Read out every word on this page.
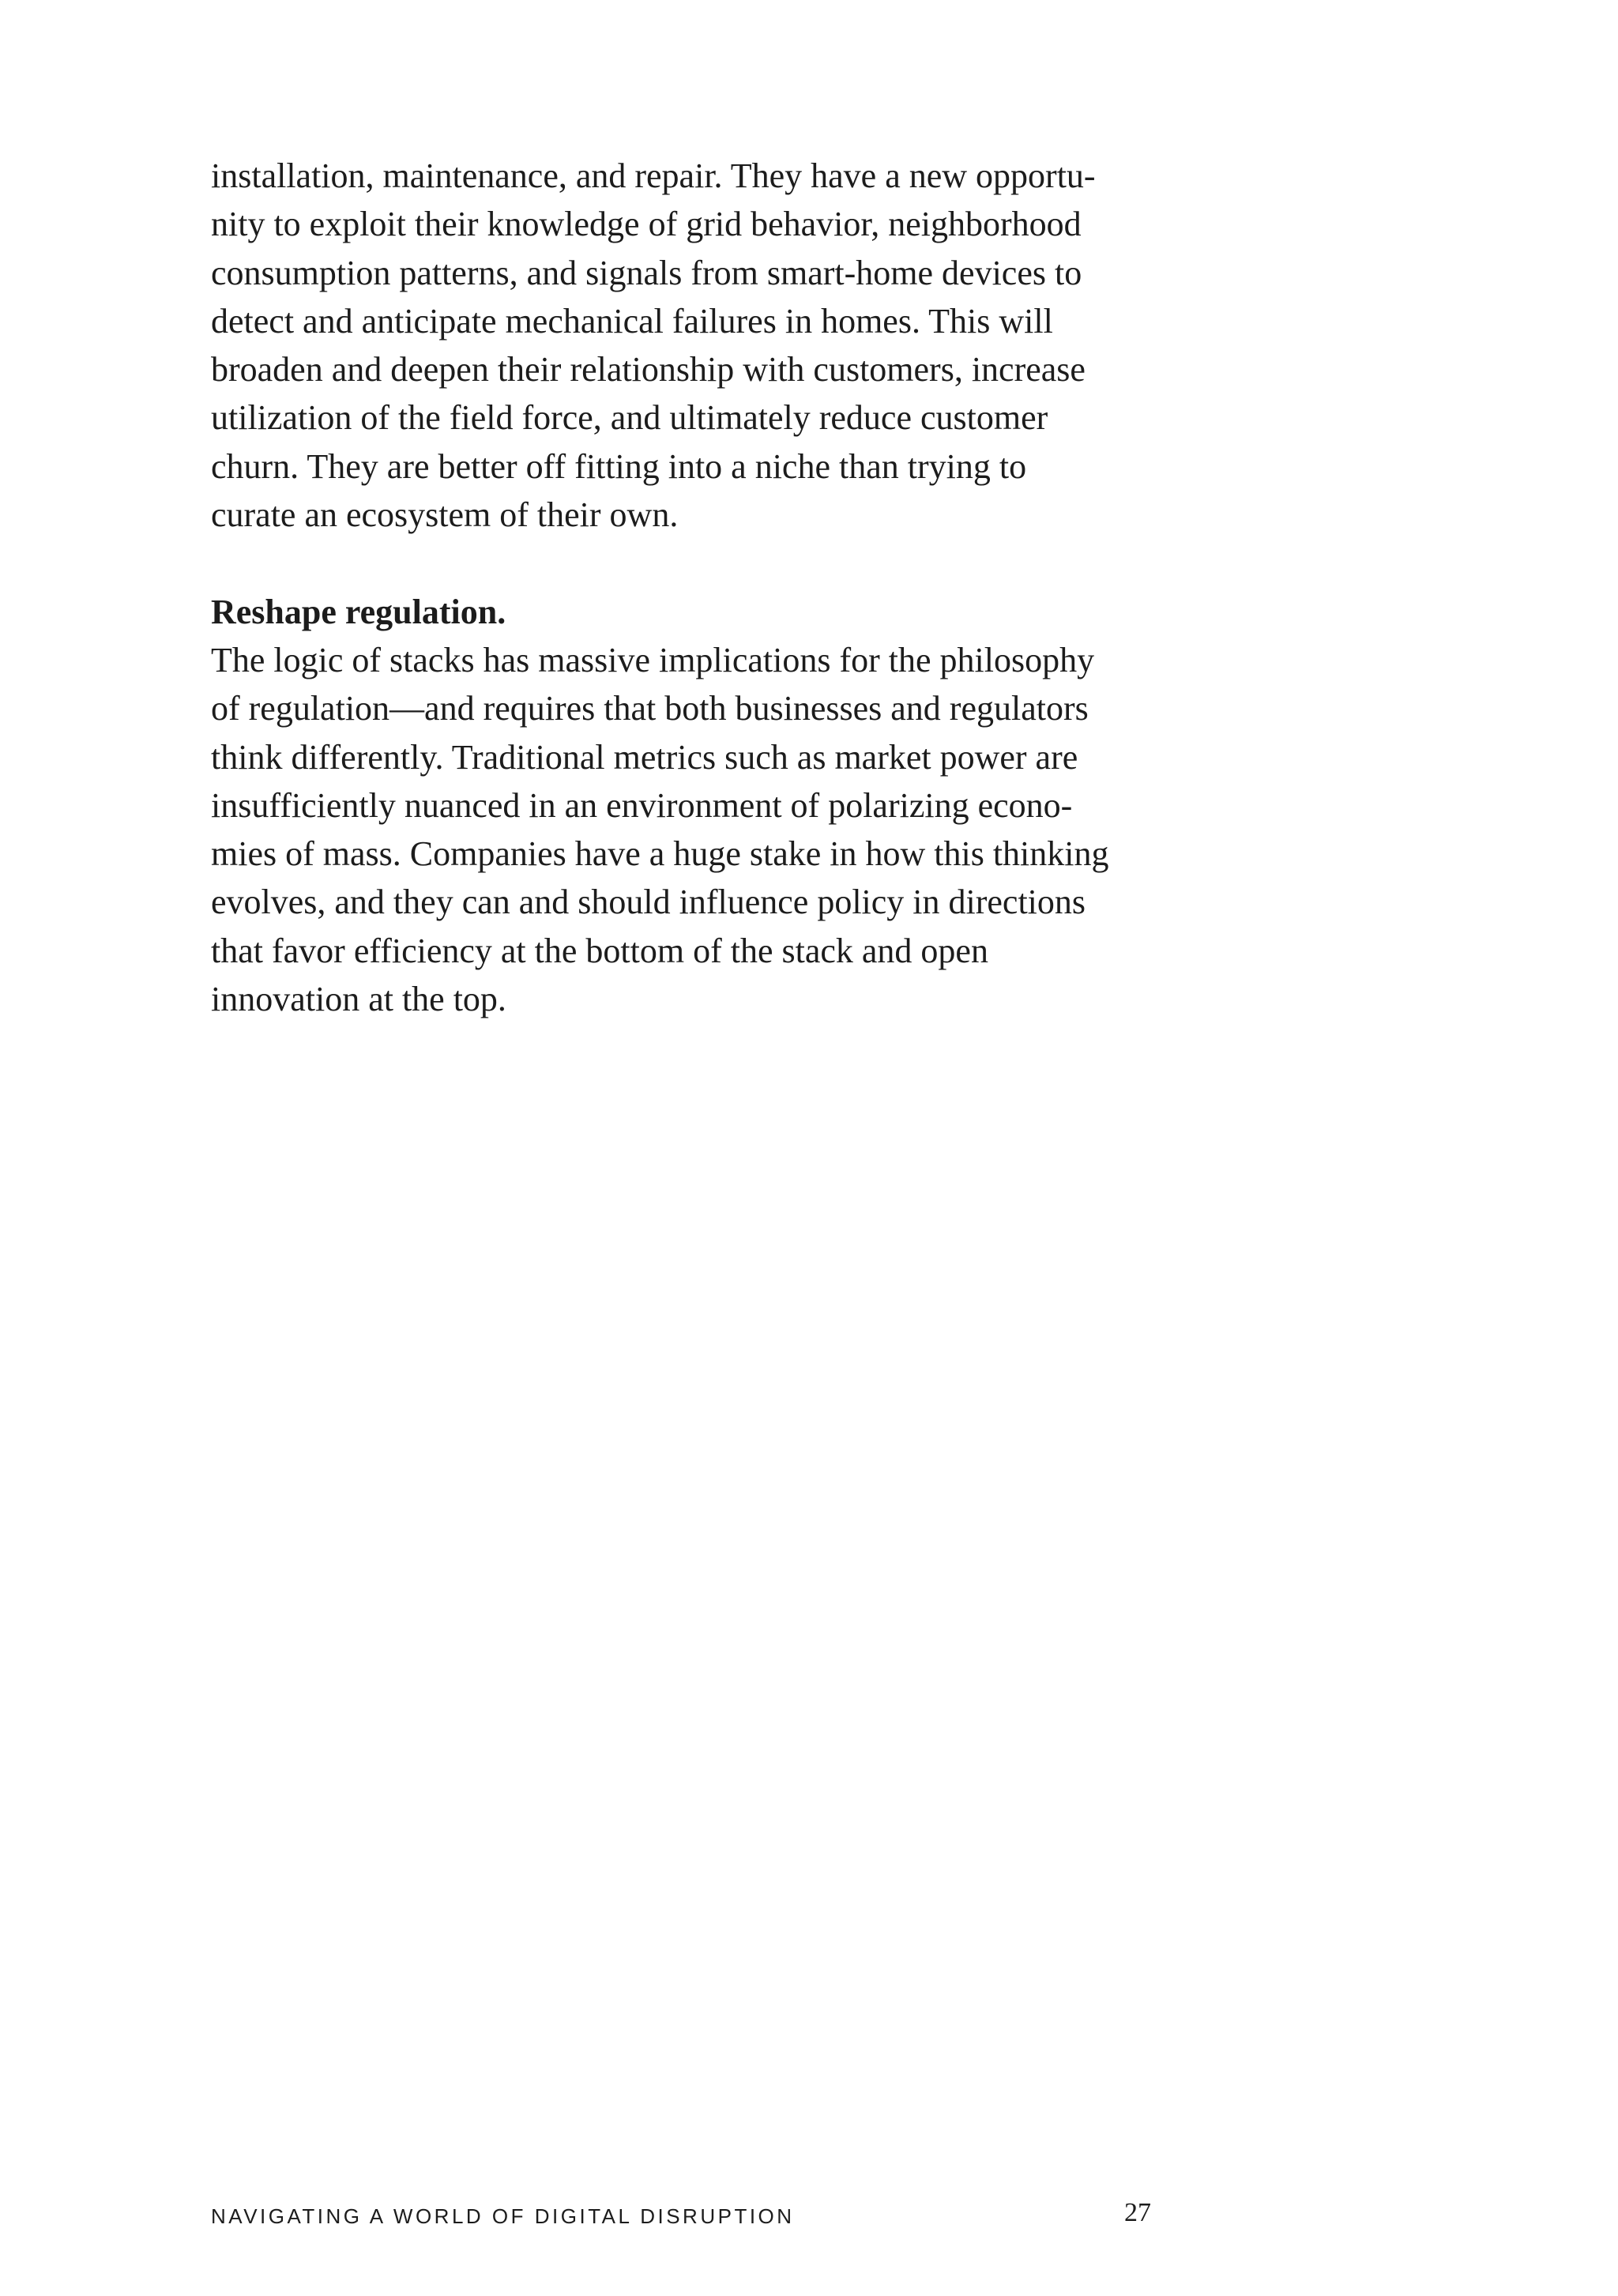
installation, maintenance, and repair. They have a new opportu-
nity to exploit their knowledge of grid behavior, neighborhood
consumption patterns, and signals from smart-home devices to
detect and anticipate mechanical failures in homes. This will
broaden and deepen their relationship with customers, increase
utilization of the field force, and ultimately reduce customer
churn. They are better off fitting into a niche than trying to
curate an ecosystem of their own.
Reshape regulation.
The logic of stacks has massive implications for the philosophy
of regulation—and requires that both businesses and regulators
think differently. Traditional metrics such as market power are
insufficiently nuanced in an environment of polarizing econo-
mies of mass. Companies have a huge stake in how this thinking
evolves, and they can and should influence policy in directions
that favor efficiency at the bottom of the stack and open
innovation at the top.
NAVIGATING A WORLD OF DIGITAL DISRUPTION	27
